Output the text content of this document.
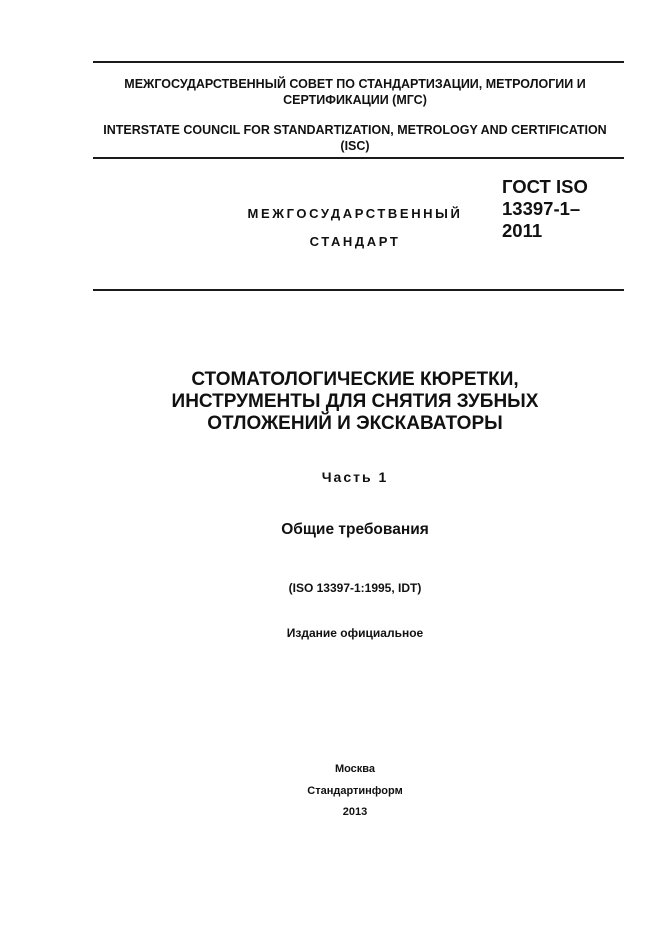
МЕЖГОСУДАРСТВЕННЫЙ СОВЕТ ПО СТАНДАРТИЗАЦИИ, МЕТРОЛОГИИ И СЕРТИФИКАЦИИ (МГС)
INTERSTATE COUNCIL FOR STANDARTIZATION, METROLOGY AND CERTIFICATION (ISC)
МЕЖГОСУДАРСТВЕННЫЙ
СТАНДАРТ
ГОСТ ISO
13397-1–
2011
СТОМАТОЛОГИЧЕСКИЕ КЮРЕТКИ,
ИНСТРУМЕНТЫ ДЛЯ СНЯТИЯ ЗУБНЫХ
ОТЛОЖЕНИЙ И ЭКСКАВАТОРЫ
Часть 1
Общие требования
(ISO 13397-1:1995, IDT)
Издание официальное
Москва
Стандартинформ
2013
